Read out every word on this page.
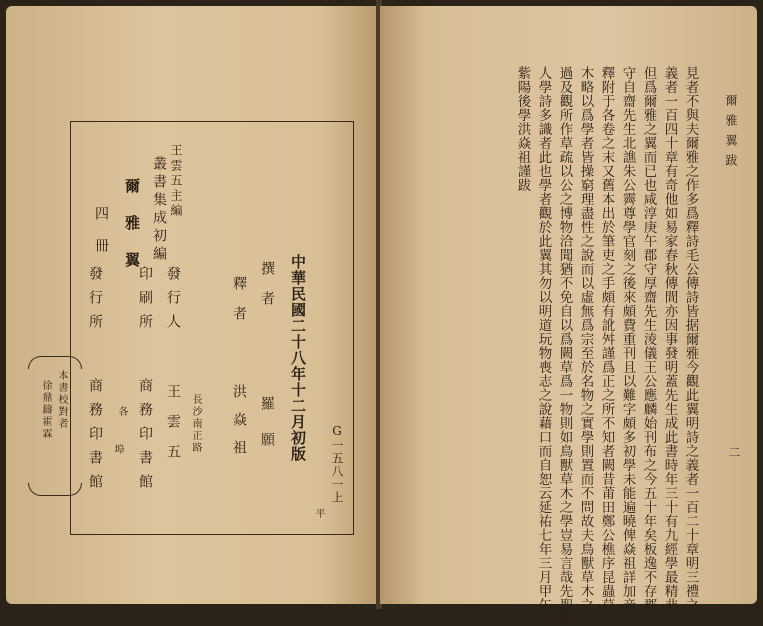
王雲五主編
叢書集成初編
爾雅翼
四冊
中華民國二十八年十二月初版
撰者
羅願
釋者
洪焱祖
長沙南正路
發行人
王雲五
印刷所
商務印書館
各
埠
發行所
商務印書館	G一五八一上
平
本書校對者
徐鼎鑄霍霖
爾雅翼跋
二
見者不與夫爾雅之作多爲釋詩毛公傳詩皆据爾雅今觀此翼明詩之義者一百二十章明三禮之
義者一百四十章有奇他如易家春秋傳間亦因事發明蓋先生成此書時年三十有九經學最精非
但爲爾雅之翼而已也咸淳庚午郡守厚齋先生淩儀王公應麟始刊布之今五十年矣板逸不存郡
守自齋先生北譙朱公霽尊學官刻之後來頗費重刊且以難字頗多初學未能遍曉俾焱祖詳加音
釋附于各卷之末又舊本出於筆吏之手頗有訛舛謹爲正之所不知者闕昔莆田鄭公樵序昆蟲草
木略以爲學者皆操窮理盡性之說而以虛無爲宗至於名物之實學則置而不問故夫鳥獸草木之
過及觀所作草疏以公之博物洽聞猶不免自以爲闕草爲一物則如鳥獸草木之學豈易言哉先聖教
人學詩多識者此也學者觀於此翼其勿以明道玩物喪志之說藉口而自恕云延祐七年三月甲午
紫陽後學洪焱祖謹跋
